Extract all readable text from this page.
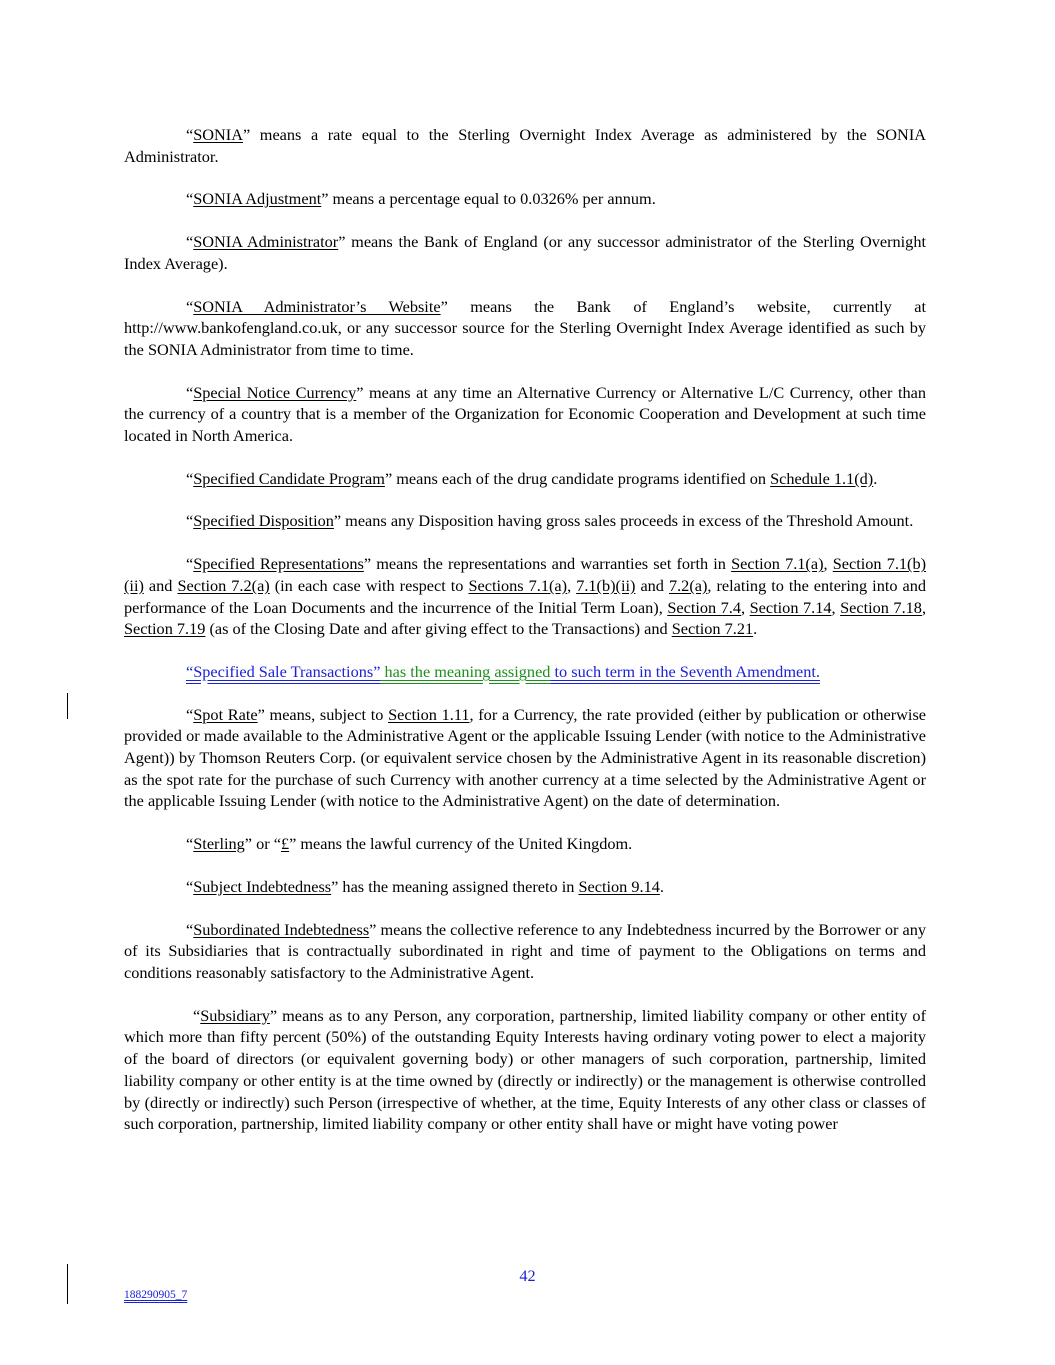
“SONIA” means a rate equal to the Sterling Overnight Index Average as administered by the SONIA Administrator.

“SONIA Adjustment” means a percentage equal to 0.0326% per annum.

“SONIA Administrator” means the Bank of England (or any successor administrator of the Sterling Overnight Index Average).

“SONIA Administrator’s Website” means the Bank of England’s website, currently at http://www.bankofengland.co.uk, or any successor source for the Sterling Overnight Index Average identified as such by the SONIA Administrator from time to time.

“Special Notice Currency” means at any time an Alternative Currency or Alternative L/C Currency, other than the currency of a country that is a member of the Organization for Economic Cooperation and Development at such time located in North America.

“Specified Candidate Program” means each of the drug candidate programs identified on Schedule 1.1(d).

“Specified Disposition” means any Disposition having gross sales proceeds in excess of the Threshold Amount.

“Specified Representations” means the representations and warranties set forth in Section 7.1(a), Section 7.1(b)(ii) and Section 7.2(a) (in each case with respect to Sections 7.1(a), 7.1(b)(ii) and 7.2(a), relating to the entering into and performance of the Loan Documents and the incurrence of the Initial Term Loan), Section 7.4, Section 7.14, Section 7.18, Section 7.19 (as of the Closing Date and after giving effect to the Transactions) and Section 7.21.

“Specified Sale Transactions” has the meaning assigned to such term in the Seventh Amendment.

“Spot Rate” means, subject to Section 1.11, for a Currency, the rate provided (either by publication or otherwise provided or made available to the Administrative Agent or the applicable Issuing Lender (with notice to the Administrative Agent)) by Thomson Reuters Corp. (or equivalent service chosen by the Administrative Agent in its reasonable discretion) as the spot rate for the purchase of such Currency with another currency at a time selected by the Administrative Agent or the applicable Issuing Lender (with notice to the Administrative Agent) on the date of determination.

“Sterling” or “£” means the lawful currency of the United Kingdom.

“Subject Indebtedness” has the meaning assigned thereto in Section 9.14.

“Subordinated Indebtedness” means the collective reference to any Indebtedness incurred by the Borrower or any of its Subsidiaries that is contractually subordinated in right and time of payment to the Obligations on terms and conditions reasonably satisfactory to the Administrative Agent.

“Subsidiary” means as to any Person, any corporation, partnership, limited liability company or other entity of which more than fifty percent (50%) of the outstanding Equity Interests having ordinary voting power to elect a majority of the board of directors (or equivalent governing body) or other managers of such corporation, partnership, limited liability company or other entity is at the time owned by (directly or indirectly) or the management is otherwise controlled by (directly or indirectly) such Person (irrespective of whether, at the time, Equity Interests of any other class or classes of such corporation, partnership, limited liability company or other entity shall have or might have voting power

42
188290905_7
